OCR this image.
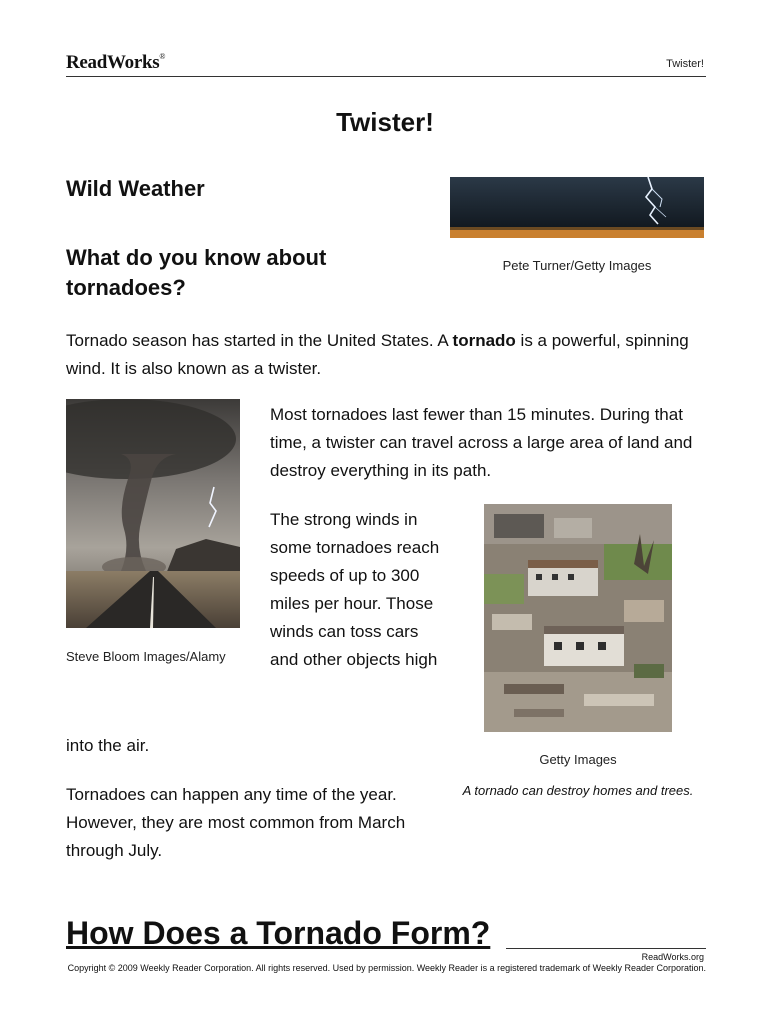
ReadWorks®
Twister!
Twister!
Wild Weather
What do you know about tornadoes?
Pete Turner/Getty Images
Tornado season has started in the United States. A tornado is a powerful, spinning wind. It is also known as a twister.
Steve Bloom Images/Alamy
Most tornadoes last fewer than 15 minutes. During that time, a twister can travel across a large area of land and destroy everything in its path.
The strong winds in some tornadoes reach speeds of up to 300 miles per hour. Those winds can toss cars and other objects high
into the air.
Getty Images
A tornado can destroy homes and trees.
Tornadoes can happen any time of the year. However, they are most common from March through July.
How Does a Tornado Form?
ReadWorks.org
Copyright © 2009 Weekly Reader Corporation. All rights reserved. Used by permission. Weekly Reader is a registered trademark of Weekly Reader Corporation.
